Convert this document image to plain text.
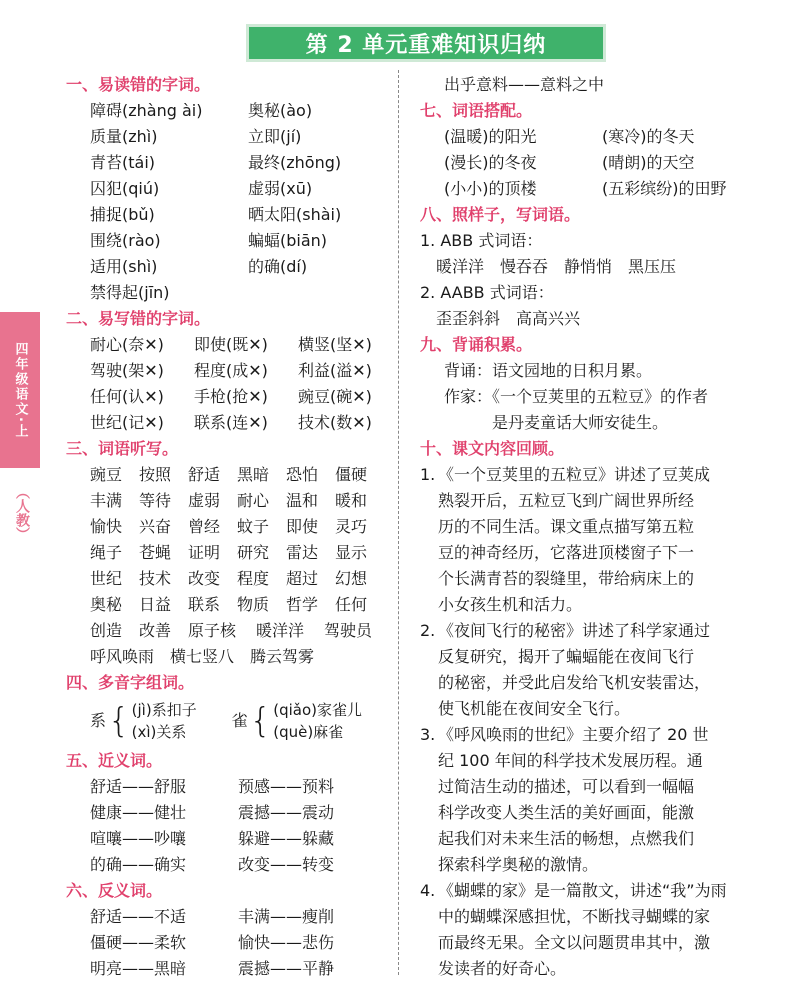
第 2 单元重难知识归纳
四年级语文·上
（人教）
一、易读错的字词。
障碍(zhàng ài)	奥秘(ào)
质量(zhì)	立即(jí)
青苔(tái)	最终(zhōng)
囚犯(qiú)	虚弱(xū)
捕捉(bǔ)	晒太阳(shài)
围绕(rào)	蝙蝠(biān)
适用(shì)	的确(dí)
禁得起(jīn)
二、易写错的字词。
耐心(奈✕)	即使(既✕)	横竖(坚✕)
驾驶(架✕)	程度(成✕)	利益(溢✕)
任何(认✕)	手枪(抢✕)	豌豆(碗✕)
世纪(记✕)	联系(连✕)	技术(数✕)
三、词语听写。
豌豆	按照	舒适	黑暗	恐怕	僵硬
丰满	等待	虚弱	耐心	温和	暖和
愉快	兴奋	曾经	蚊子	即使	灵巧
绳子	苍蝇	证明	研究	雷达	显示
世纪	技术	改变	程度	超过	幻想
奥秘	日益	联系	物质	哲学	任何
创造	改善	原子核	暖洋洋	驾驶员
呼风唤雨　横七竖八　腾云驾雾
四、多音字组词。
系 { (jì)系扣子
(xì)关系
雀 { (qiǎo)家雀儿
(què)麻雀
五、近义词。
舒适——舒服	预感——预料
健康——健壮	震撼——震动
喧嚷——吵嚷	躲避——躲藏
的确——确实	改变——转变
六、反义词。
舒适——不适	丰满——瘦削
僵硬——柔软	愉快——悲伤
明亮——黑暗	震撼——平静
出乎意料——意料之中
七、词语搭配。
(温暖)的阳光	(寒冷)的冬天
(漫长)的冬夜	(晴朗)的天空
(小小)的顶楼	(五彩缤纷)的田野
八、照样子，写词语。
1. ABB 式词语：
暖洋洋　慢吞吞　静悄悄　黑压压
2. AABB 式词语：
歪歪斜斜　高高兴兴
九、背诵积累。
背诵：语文园地的日积月累。
作家：《一个豆荚里的五粒豆》的作者
是丹麦童话大师安徒生。
十、课文内容回顾。
1. 《一个豆荚里的五粒豆》讲述了豆荚成
熟裂开后，五粒豆飞到广阔世界所经
历的不同生活。课文重点描写第五粒
豆的神奇经历，它落进顶楼窗子下一
个长满青苔的裂缝里，带给病床上的
小女孩生机和活力。
2. 《夜间飞行的秘密》讲述了科学家通过
反复研究，揭开了蝙蝠能在夜间飞行
的秘密，并受此启发给飞机安装雷达，
使飞机能在夜间安全飞行。
3. 《呼风唤雨的世纪》主要介绍了 20 世
纪 100 年间的科学技术发展历程。通
过简洁生动的描述，可以看到一幅幅
科学改变人类生活的美好画面，能激
起我们对未来生活的畅想，点燃我们
探索科学奥秘的激情。
4. 《蝴蝶的家》是一篇散文，讲述“我”为雨
中的蝴蝶深感担忧，不断找寻蝴蝶的家
而最终无果。全文以问题贯串其中，激
发读者的好奇心。
